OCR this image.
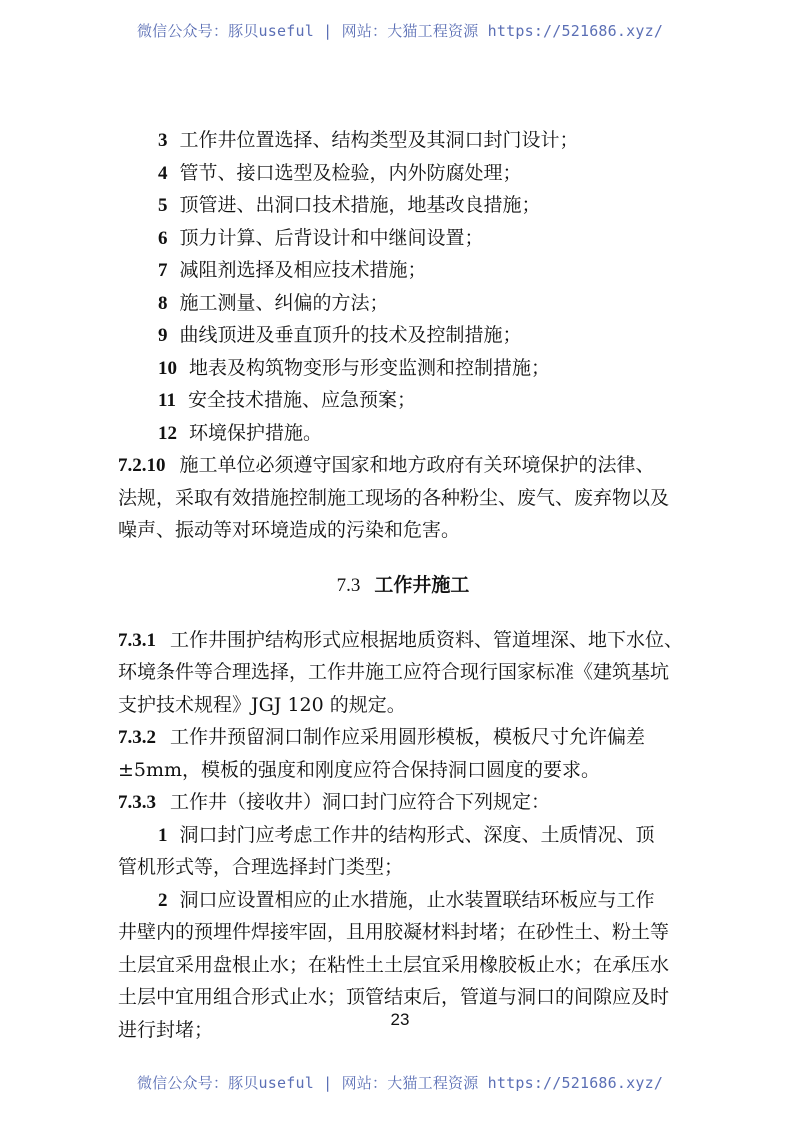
微信公众号：豚贝useful | 网站：大猫工程资源 https://521686.xyz/
3 工作井位置选择、结构类型及其洞口封门设计；
4 管节、接口选型及检验，内外防腐处理；
5 顶管进、出洞口技术措施，地基改良措施；
6 顶力计算、后背设计和中继间设置；
7 减阻剂选择及相应技术措施；
8 施工测量、纠偏的方法；
9 曲线顶进及垂直顶升的技术及控制措施；
10 地表及构筑物变形与形变监测和控制措施；
11 安全技术措施、应急预案；
12 环境保护措施。
7.2.10 施工单位必须遵守国家和地方政府有关环境保护的法律、
法规，采取有效措施控制施工现场的各种粉尘、废气、废弃物以及
噪声、振动等对环境造成的污染和危害。
7.3 工作井施工
7.3.1 工作井围护结构形式应根据地质资料、管道埋深、地下水位、
环境条件等合理选择，工作井施工应符合现行国家标准《建筑基坑
支护技术规程》JGJ 120 的规定。
7.3.2 工作井预留洞口制作应采用圆形模板，模板尺寸允许偏差
±5mm，模板的强度和刚度应符合保持洞口圆度的要求。
7.3.3 工作井（接收井）洞口封门应符合下列规定：
1 洞口封门应考虑工作井的结构形式、深度、土质情况、顶
管机形式等，合理选择封门类型；
2 洞口应设置相应的止水措施，止水装置联结环板应与工作
井壁内的预埋件焊接牢固，且用胶凝材料封堵；在砂性土、粉土等
土层宜采用盘根止水；在粘性土土层宜采用橡胶板止水；在承压水
土层中宜用组合形式止水；顶管结束后，管道与洞口的间隙应及时
进行封堵；	23
微信公众号：豚贝useful | 网站：大猫工程资源 https://521686.xyz/
